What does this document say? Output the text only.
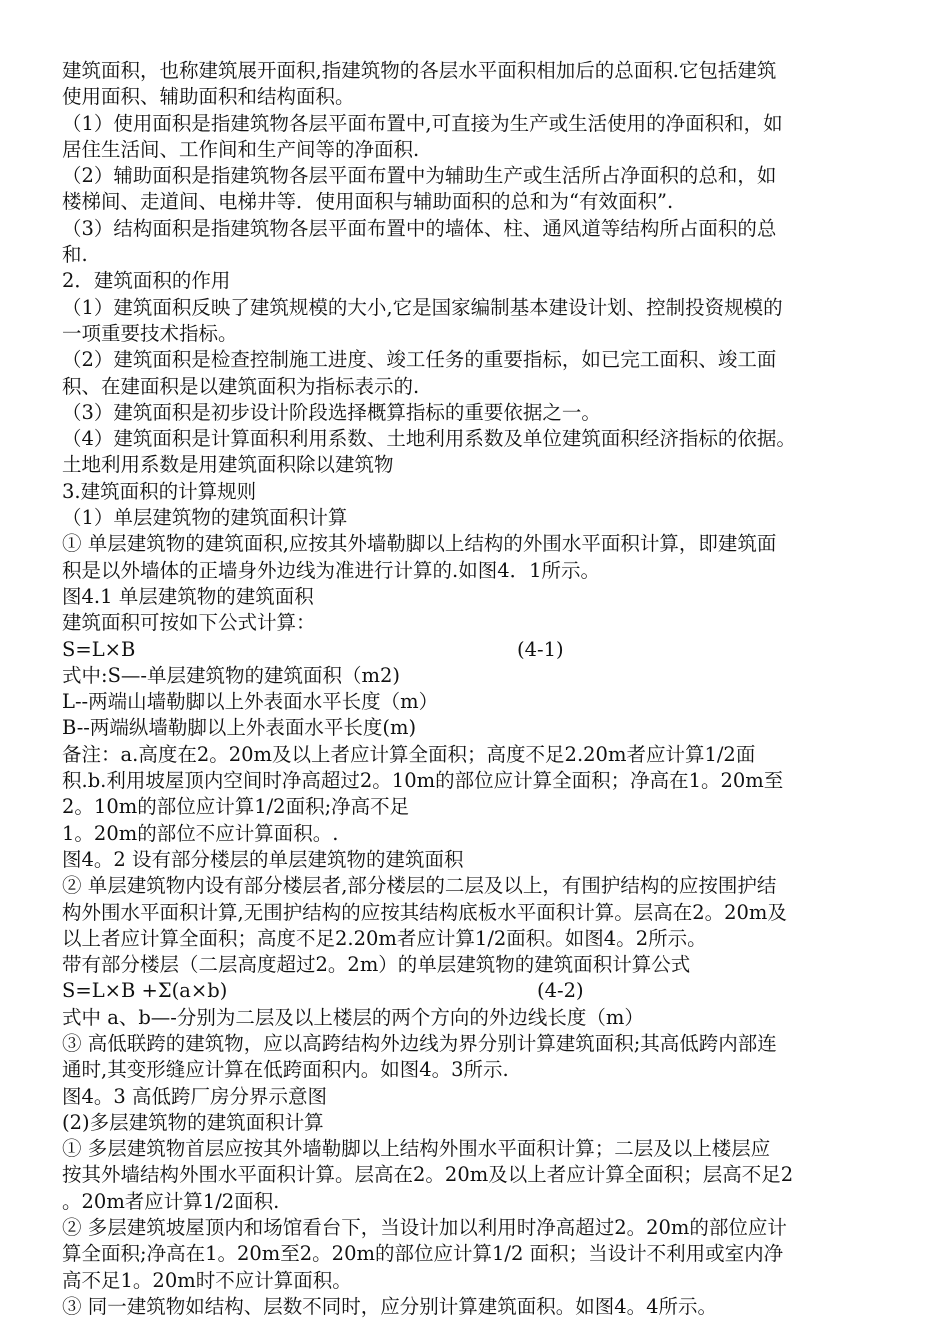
建筑面积，也称建筑展开面积,指建筑物的各层水平面积相加后的总面积.它包括建筑
使用面积、辅助面积和结构面积。
（1）使用面积是指建筑物各层平面布置中,可直接为生产或生活使用的净面积和，如
居住生活间、工作间和生产间等的净面积.
（2）辅助面积是指建筑物各层平面布置中为辅助生产或生活所占净面积的总和，如
楼梯间、走道间、电梯井等．使用面积与辅助面积的总和为“有效面积”.
（3）结构面积是指建筑物各层平面布置中的墙体、柱、通风道等结构所占面积的总
和.
2．建筑面积的作用
（1）建筑面积反映了建筑规模的大小,它是国家编制基本建设计划、控制投资规模的
一项重要技术指标。
（2）建筑面积是检查控制施工进度、竣工任务的重要指标，如已完工面积、竣工面
积、在建面积是以建筑面积为指标表示的.
（3）建筑面积是初步设计阶段选择概算指标的重要依据之一。
（4）建筑面积是计算面积利用系数、土地利用系数及单位建筑面积经济指标的依据。
土地利用系数是用建筑面积除以建筑物
3.建筑面积的计算规则
（1）单层建筑物的建筑面积计算
① 单层建筑物的建筑面积,应按其外墙勒脚以上结构的外围水平面积计算，即建筑面
积是以外墙体的正墙身外边线为准进行计算的.如图4．1所示。
图4.1 单层建筑物的建筑面积
建筑面积可按如下公式计算：
S=L×B	(4-1)
式中:S—-单层建筑物的建筑面积（m2)
L--两端山墙勒脚以上外表面水平长度（m）
B--两端纵墙勒脚以上外表面水平长度(m)
备注：a.高度在2。20m及以上者应计算全面积；高度不足2.20m者应计算1/2面
积.b.利用坡屋顶内空间时净高超过2。10m的部位应计算全面积；净高在1。20m至
2。10m的部位应计算1/2面积;净高不足
1。20m的部位不应计算面积。.
图4。2 设有部分楼层的单层建筑物的建筑面积
② 单层建筑物内设有部分楼层者,部分楼层的二层及以上，有围护结构的应按围护结
构外围水平面积计算,无围护结构的应按其结构底板水平面积计算。层高在2。20m及
以上者应计算全面积；高度不足2.20m者应计算1/2面积。如图4。2所示。
带有部分楼层（二层高度超过2。2m）的单层建筑物的建筑面积计算公式
S=L×B +Σ(a×b)	(4-2)
式中 a、b—-分别为二层及以上楼层的两个方向的外边线长度（m）
③ 高低联跨的建筑物，应以高跨结构外边线为界分别计算建筑面积;其高低跨内部连
通时,其变形缝应计算在低跨面积内。如图4。3所示.
图4。3 高低跨厂房分界示意图
(2)多层建筑物的建筑面积计算
① 多层建筑物首层应按其外墙勒脚以上结构外围水平面积计算；二层及以上楼层应
按其外墙结构外围水平面积计算。层高在2。20m及以上者应计算全面积；层高不足2
。20m者应计算1/2面积.
② 多层建筑坡屋顶内和场馆看台下，当设计加以利用时净高超过2。20m的部位应计
算全面积;净高在1。20m至2。20m的部位应计算1/2 面积；当设计不利用或室内净
高不足1。20m时不应计算面积。
③ 同一建筑物如结构、层数不同时，应分别计算建筑面积。如图4。4所示。
